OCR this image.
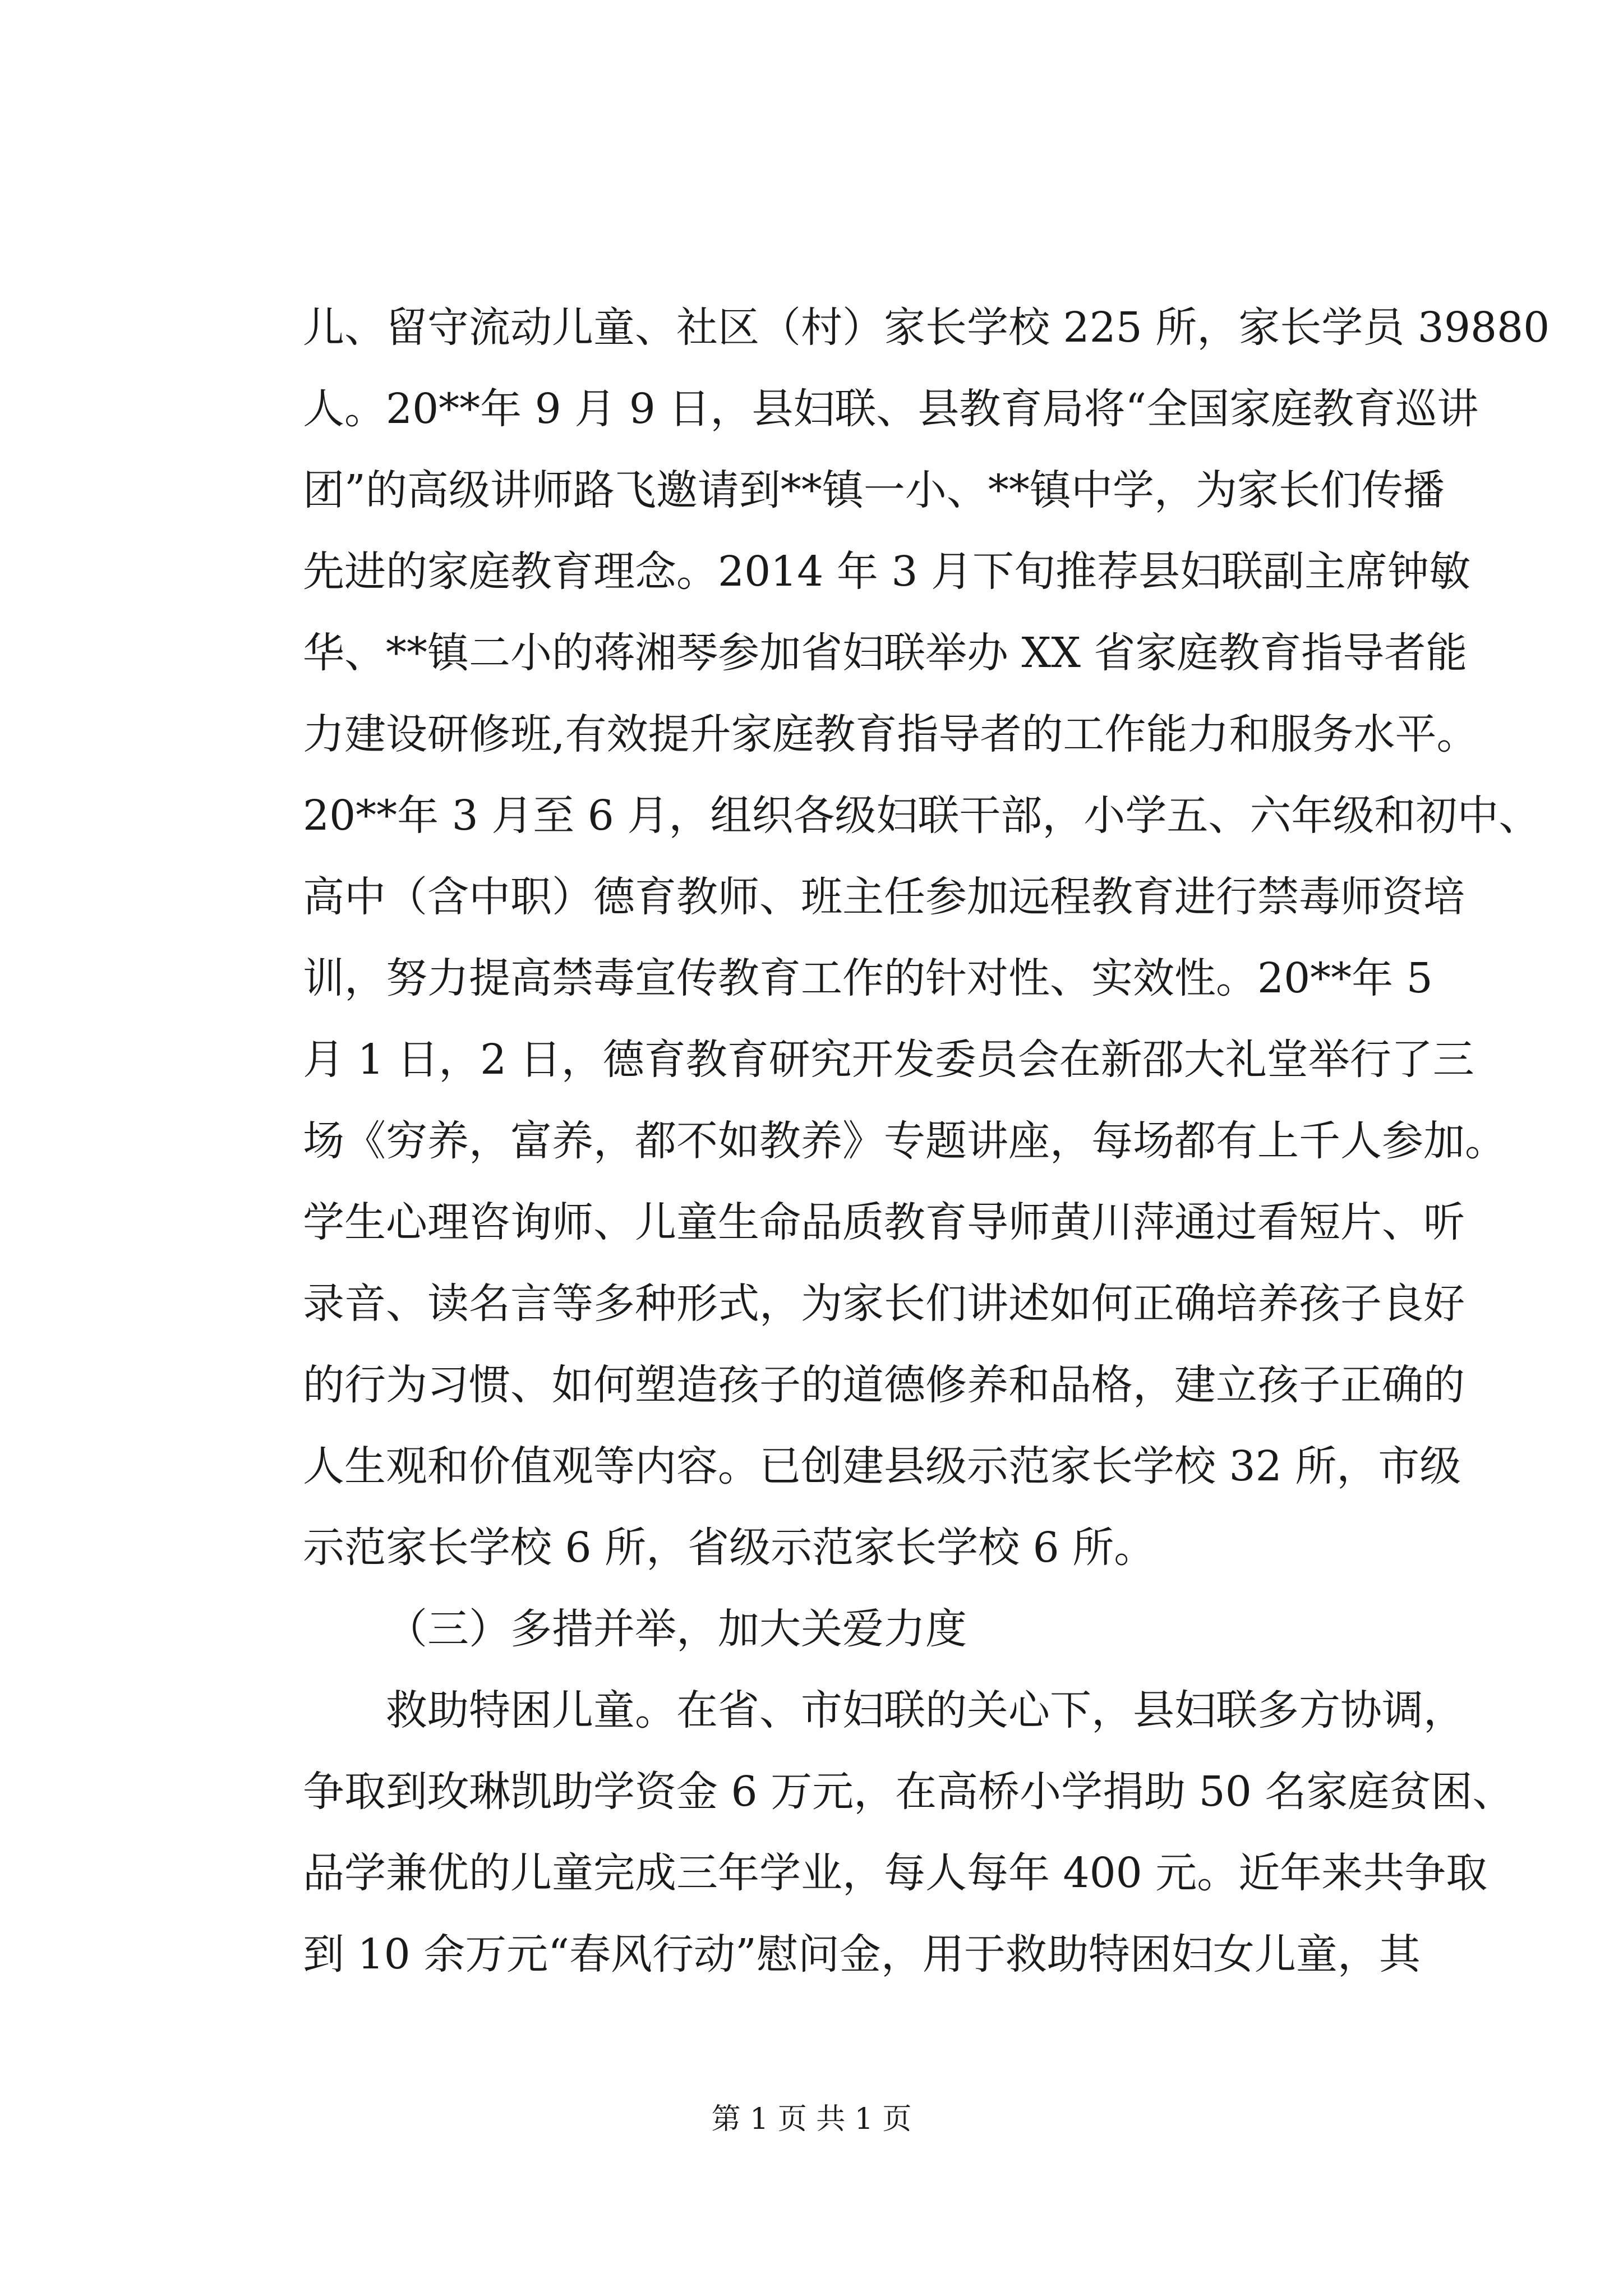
儿、留守流动儿童、社区（村）家长学校 225 所，家长学员 39880
人。20**年 9 月 9 日，县妇联、县教育局将“全国家庭教育巡讲
团”的高级讲师路飞邀请到**镇一小、**镇中学，为家长们传播
先进的家庭教育理念。2014 年 3 月下旬推荐县妇联副主席钟敏
华、**镇二小的蒋湘琴参加省妇联举办 XX 省家庭教育指导者能
力建设研修班,有效提升家庭教育指导者的工作能力和服务水平。
20**年 3 月至 6 月，组织各级妇联干部，小学五、六年级和初中、
高中（含中职）德育教师、班主任参加远程教育进行禁毒师资培
训，努力提高禁毒宣传教育工作的针对性、实效性。20**年 5
月 1 日，2 日，德育教育研究开发委员会在新邵大礼堂举行了三
场《穷养，富养，都不如教养》专题讲座，每场都有上千人参加。
学生心理咨询师、儿童生命品质教育导师黄川萍通过看短片、听
录音、读名言等多种形式，为家长们讲述如何正确培养孩子良好
的行为习惯、如何塑造孩子的道德修养和品格，建立孩子正确的
人生观和价值观等内容。已创建县级示范家长学校 32 所，市级
示范家长学校 6 所，省级示范家长学校 6 所。
（三）多措并举，加大关爱力度
救助特困儿童。在省、市妇联的关心下，县妇联多方协调，
争取到玫琳凯助学资金 6 万元，在高桥小学捐助 50 名家庭贫困、
品学兼优的儿童完成三年学业，每人每年 400 元。近年来共争取
到 10 余万元“春风行动”慰问金，用于救助特困妇女儿童，其
第 1 页 共 1 页
